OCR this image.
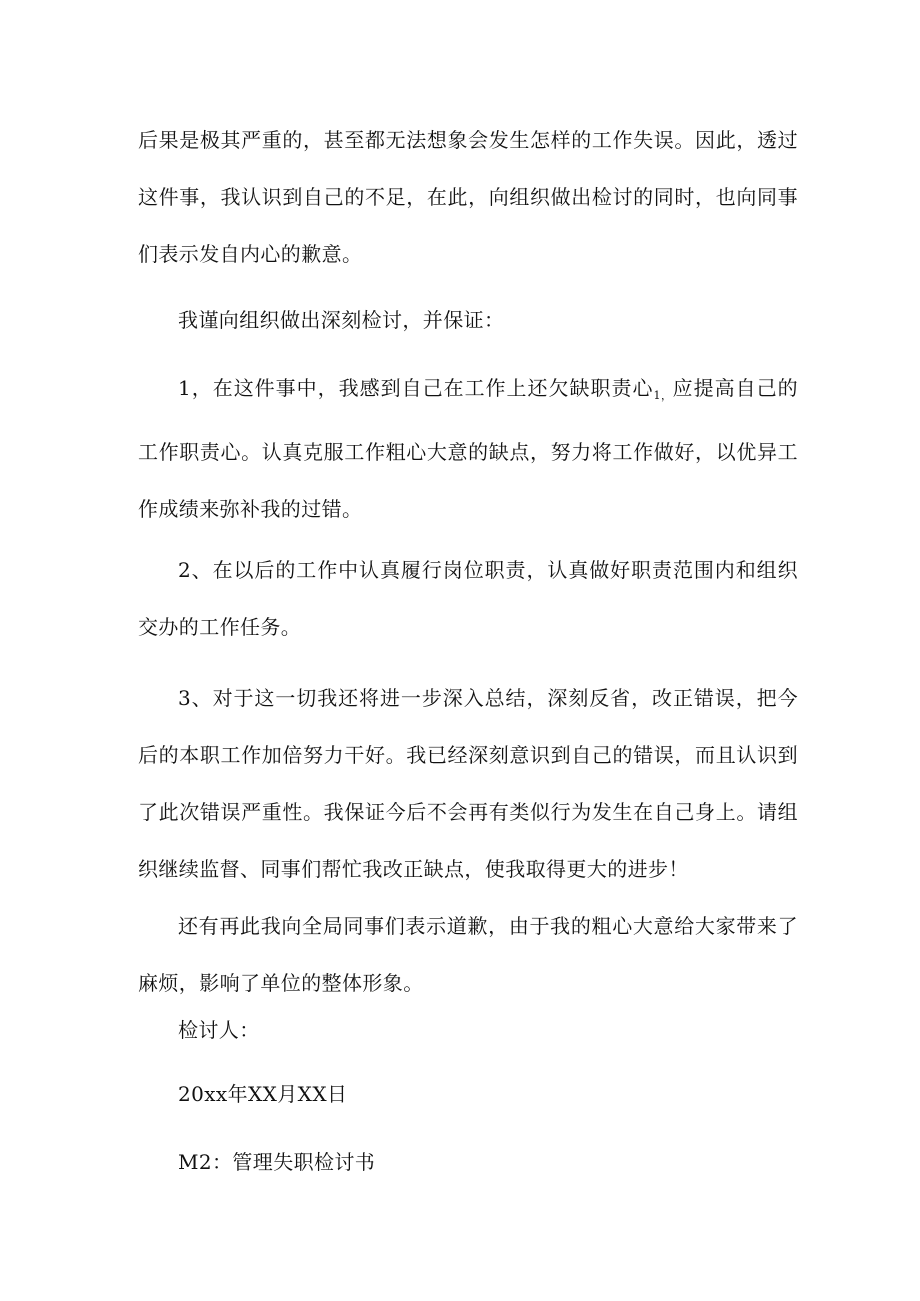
后果是极其严重的，甚至都无法想象会发生怎样的工作失误。因此，透过这件事，我认识到自己的不足，在此，向组织做出检讨的同时，也向同事们表示发自内心的歉意。

我谨向组织做出深刻检讨，并保证：

1，在这件事中，我感到自己在工作上还欠缺职责心$_{1,}$应提高自己的工作职责心。认真克服工作粗心大意的缺点，努力将工作做好，以优异工作成绩来弥补我的过错。

2、在以后的工作中认真履行岗位职责，认真做好职责范围内和组织交办的工作任务。

3、对于这一切我还将进一步深入总结，深刻反省，改正错误，把今后的本职工作加倍努力干好。我已经深刻意识到自己的错误，而且认识到了此次错误严重性。我保证今后不会再有类似行为发生在自己身上。请组织继续监督、同事们帮忙我改正缺点，使我取得更大的进步！

还有再此我向全局同事们表示道歉，由于我的粗心大意给大家带来了麻烦，影响了单位的整体形象。

检讨人：

20xx年XX月XX日

M2：管理失职检讨书
